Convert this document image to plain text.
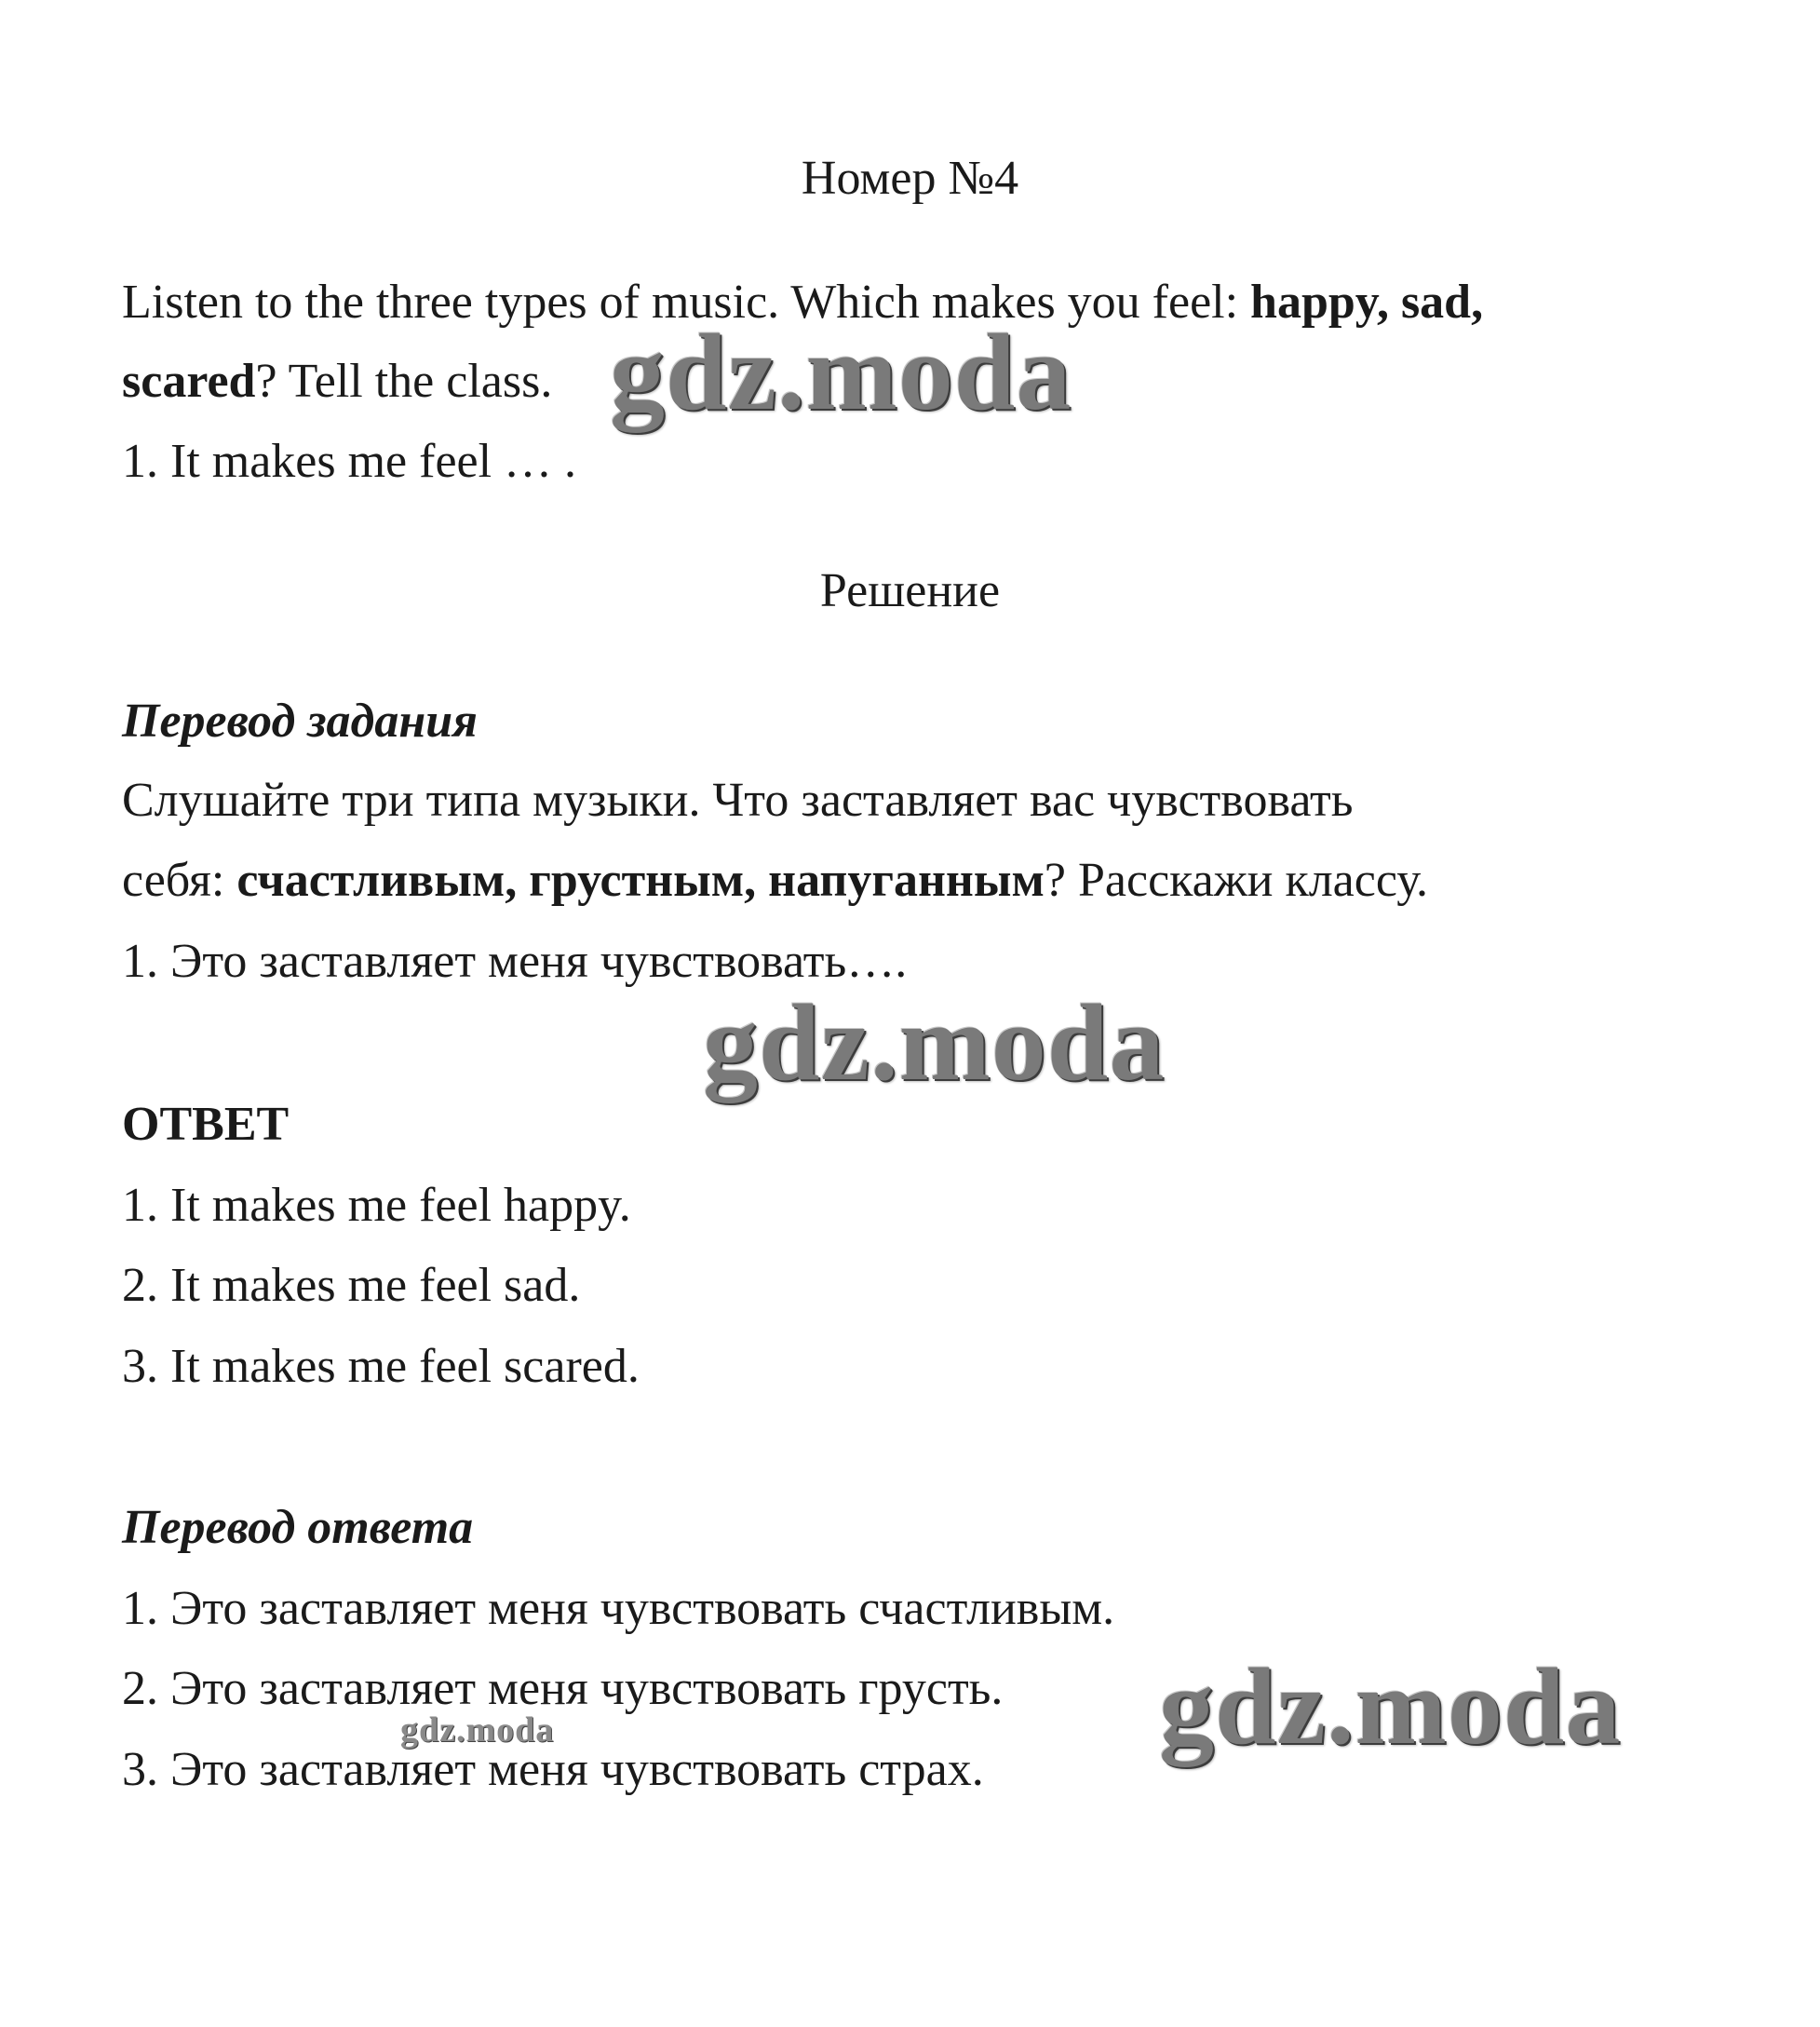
Номер №4
Listen to the three types of music. Which makes you feel: happy, sad,
scared? Tell the class.
1. It makes me feel … .
Решение
Перевод задания
Слушайте три типа музыки. Что заставляет вас чувствовать
себя: счастливым, грустным, напуганным? Расскажи классу.
1. Это заставляет меня чувствовать….
ОТВЕТ
1. It makes me feel happy.
2. It makes me feel sad.
3. It makes me feel scared.
Перевод ответа
1. Это заставляет меня чувствовать счастливым.
2. Это заставляет меня чувствовать грусть.
3. Это заставляет меня чувствовать страх.
gdz.moda
gdz.moda
gdz.moda
gdz.moda
